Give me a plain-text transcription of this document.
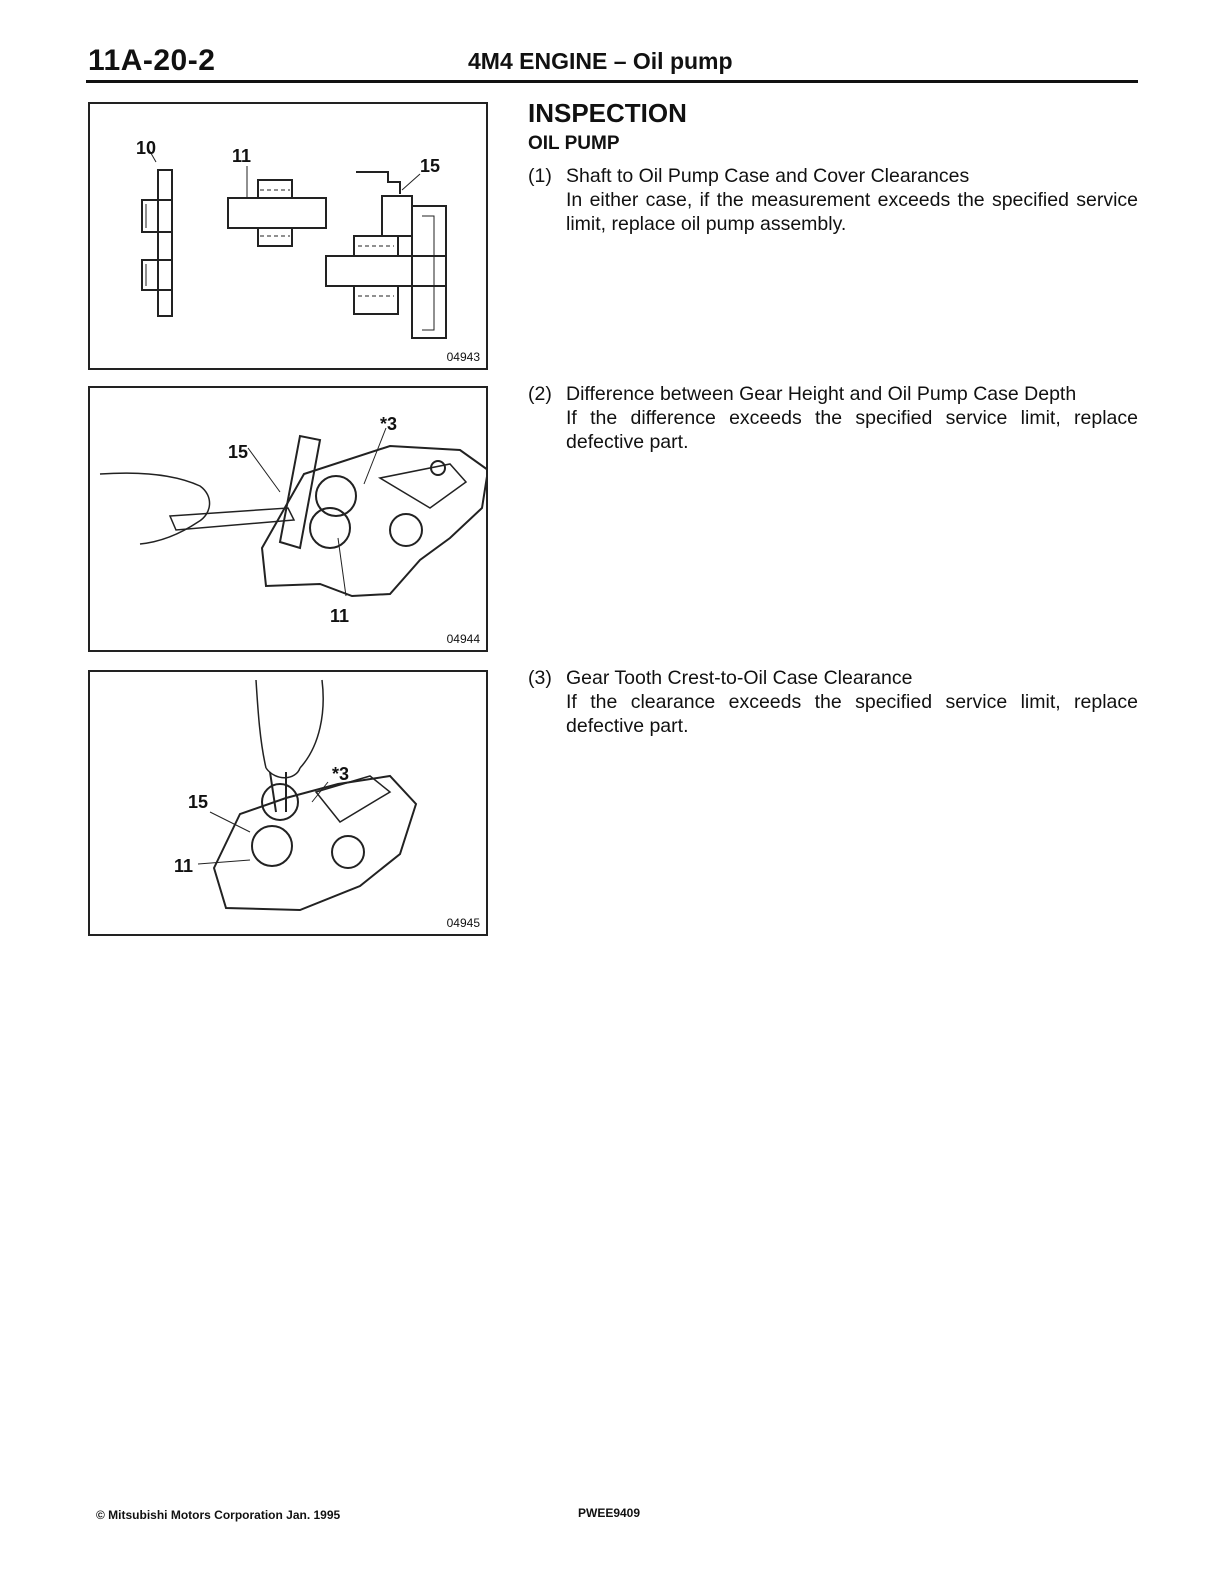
11A-20-2	4M4 ENGINE – Oil pump
10	11	15
04943
*3
15
11
04944
*3
15
11
04945
INSPECTION
OIL PUMP
(1) Shaft to Oil Pump Case and Cover Clearances
In either case, if the measurement exceeds the specified service limit, replace oil pump assembly.
(2) Difference between Gear Height and Oil Pump Case Depth
If the difference exceeds the specified service limit, replace defective part.
(3) Gear Tooth Crest-to-Oil Case Clearance
If the clearance exceeds the specified service limit, replace defective part.
© Mitsubishi Motors Corporation Jan. 1995	PWEE9409
